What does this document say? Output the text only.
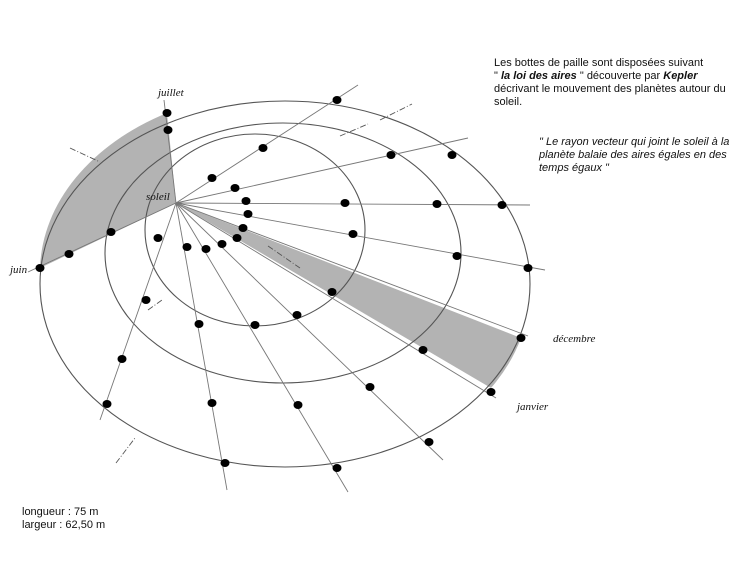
soleil
juillet
juin
décembre
janvier
Les bottes de paille sont disposées suivant
" la loi des aires " découverte par Kepler
décrivant le mouvement des planètes autour du soleil.
" Le rayon vecteur qui joint le soleil à la planète balaie des aires égales en des temps égaux "
longueur : 75 m
largeur : 62,50 m
